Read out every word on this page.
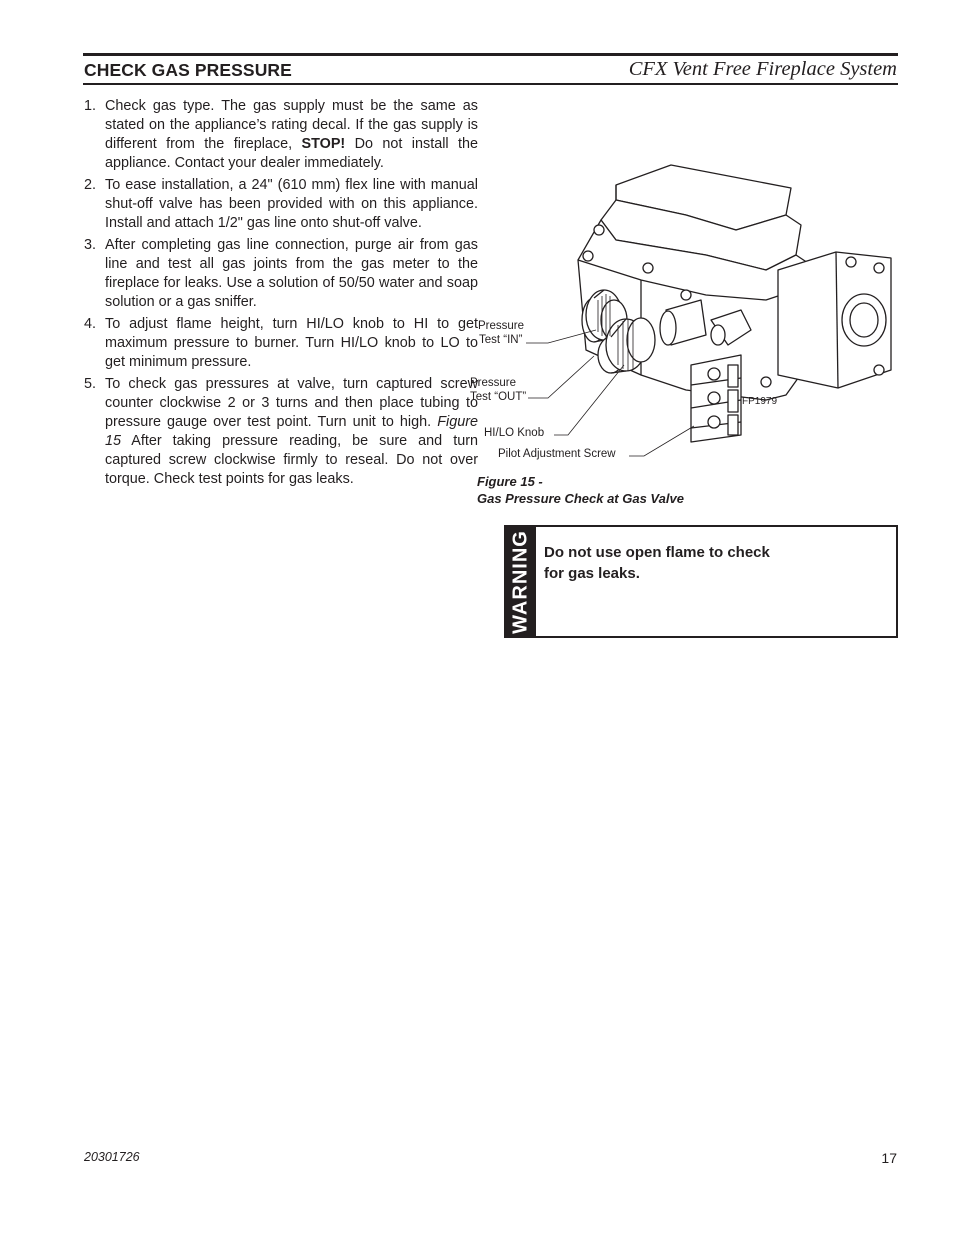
CHECK GAS PRESSURE	CFX Vent Free Fireplace System
1. Check gas type. The gas supply must be the same as stated on the appliance’s rating decal. If the gas supply is different from the fireplace, STOP! Do not install the appliance. Contact your dealer immediately.
2. To ease installation, a 24" (610 mm) flex line with manual shut-off valve has been provided with on this appliance. Install and attach 1/2" gas line onto shut-off valve.
3. After completing gas line connection, purge air from gas line and test all gas joints from the gas meter to the fireplace for leaks. Use a solution of 50/50 water and soap solution or a gas sniffer.
4. To adjust flame height, turn HI/LO knob to HI to get maximum pressure to burner. Turn HI/LO knob to LO to get minimum pressure.
5. To check gas pressures at valve, turn captured screw counter clockwise 2 or 3 turns and then place tubing to pressure gauge over test point. Turn unit to high. Figure 15 After taking pressure reading, be sure and turn captured screw clockwise firmly to reseal. Do not over torque. Check test points for gas leaks.
Pressure
Test “IN”
Pressure
Test “OUT”
HI/LO Knob
Pilot Adjustment Screw
FP1979
Figure 15 -
Gas Pressure Check at Gas Valve
WARNING Do not use open flame to check for gas leaks.
20301726	17
